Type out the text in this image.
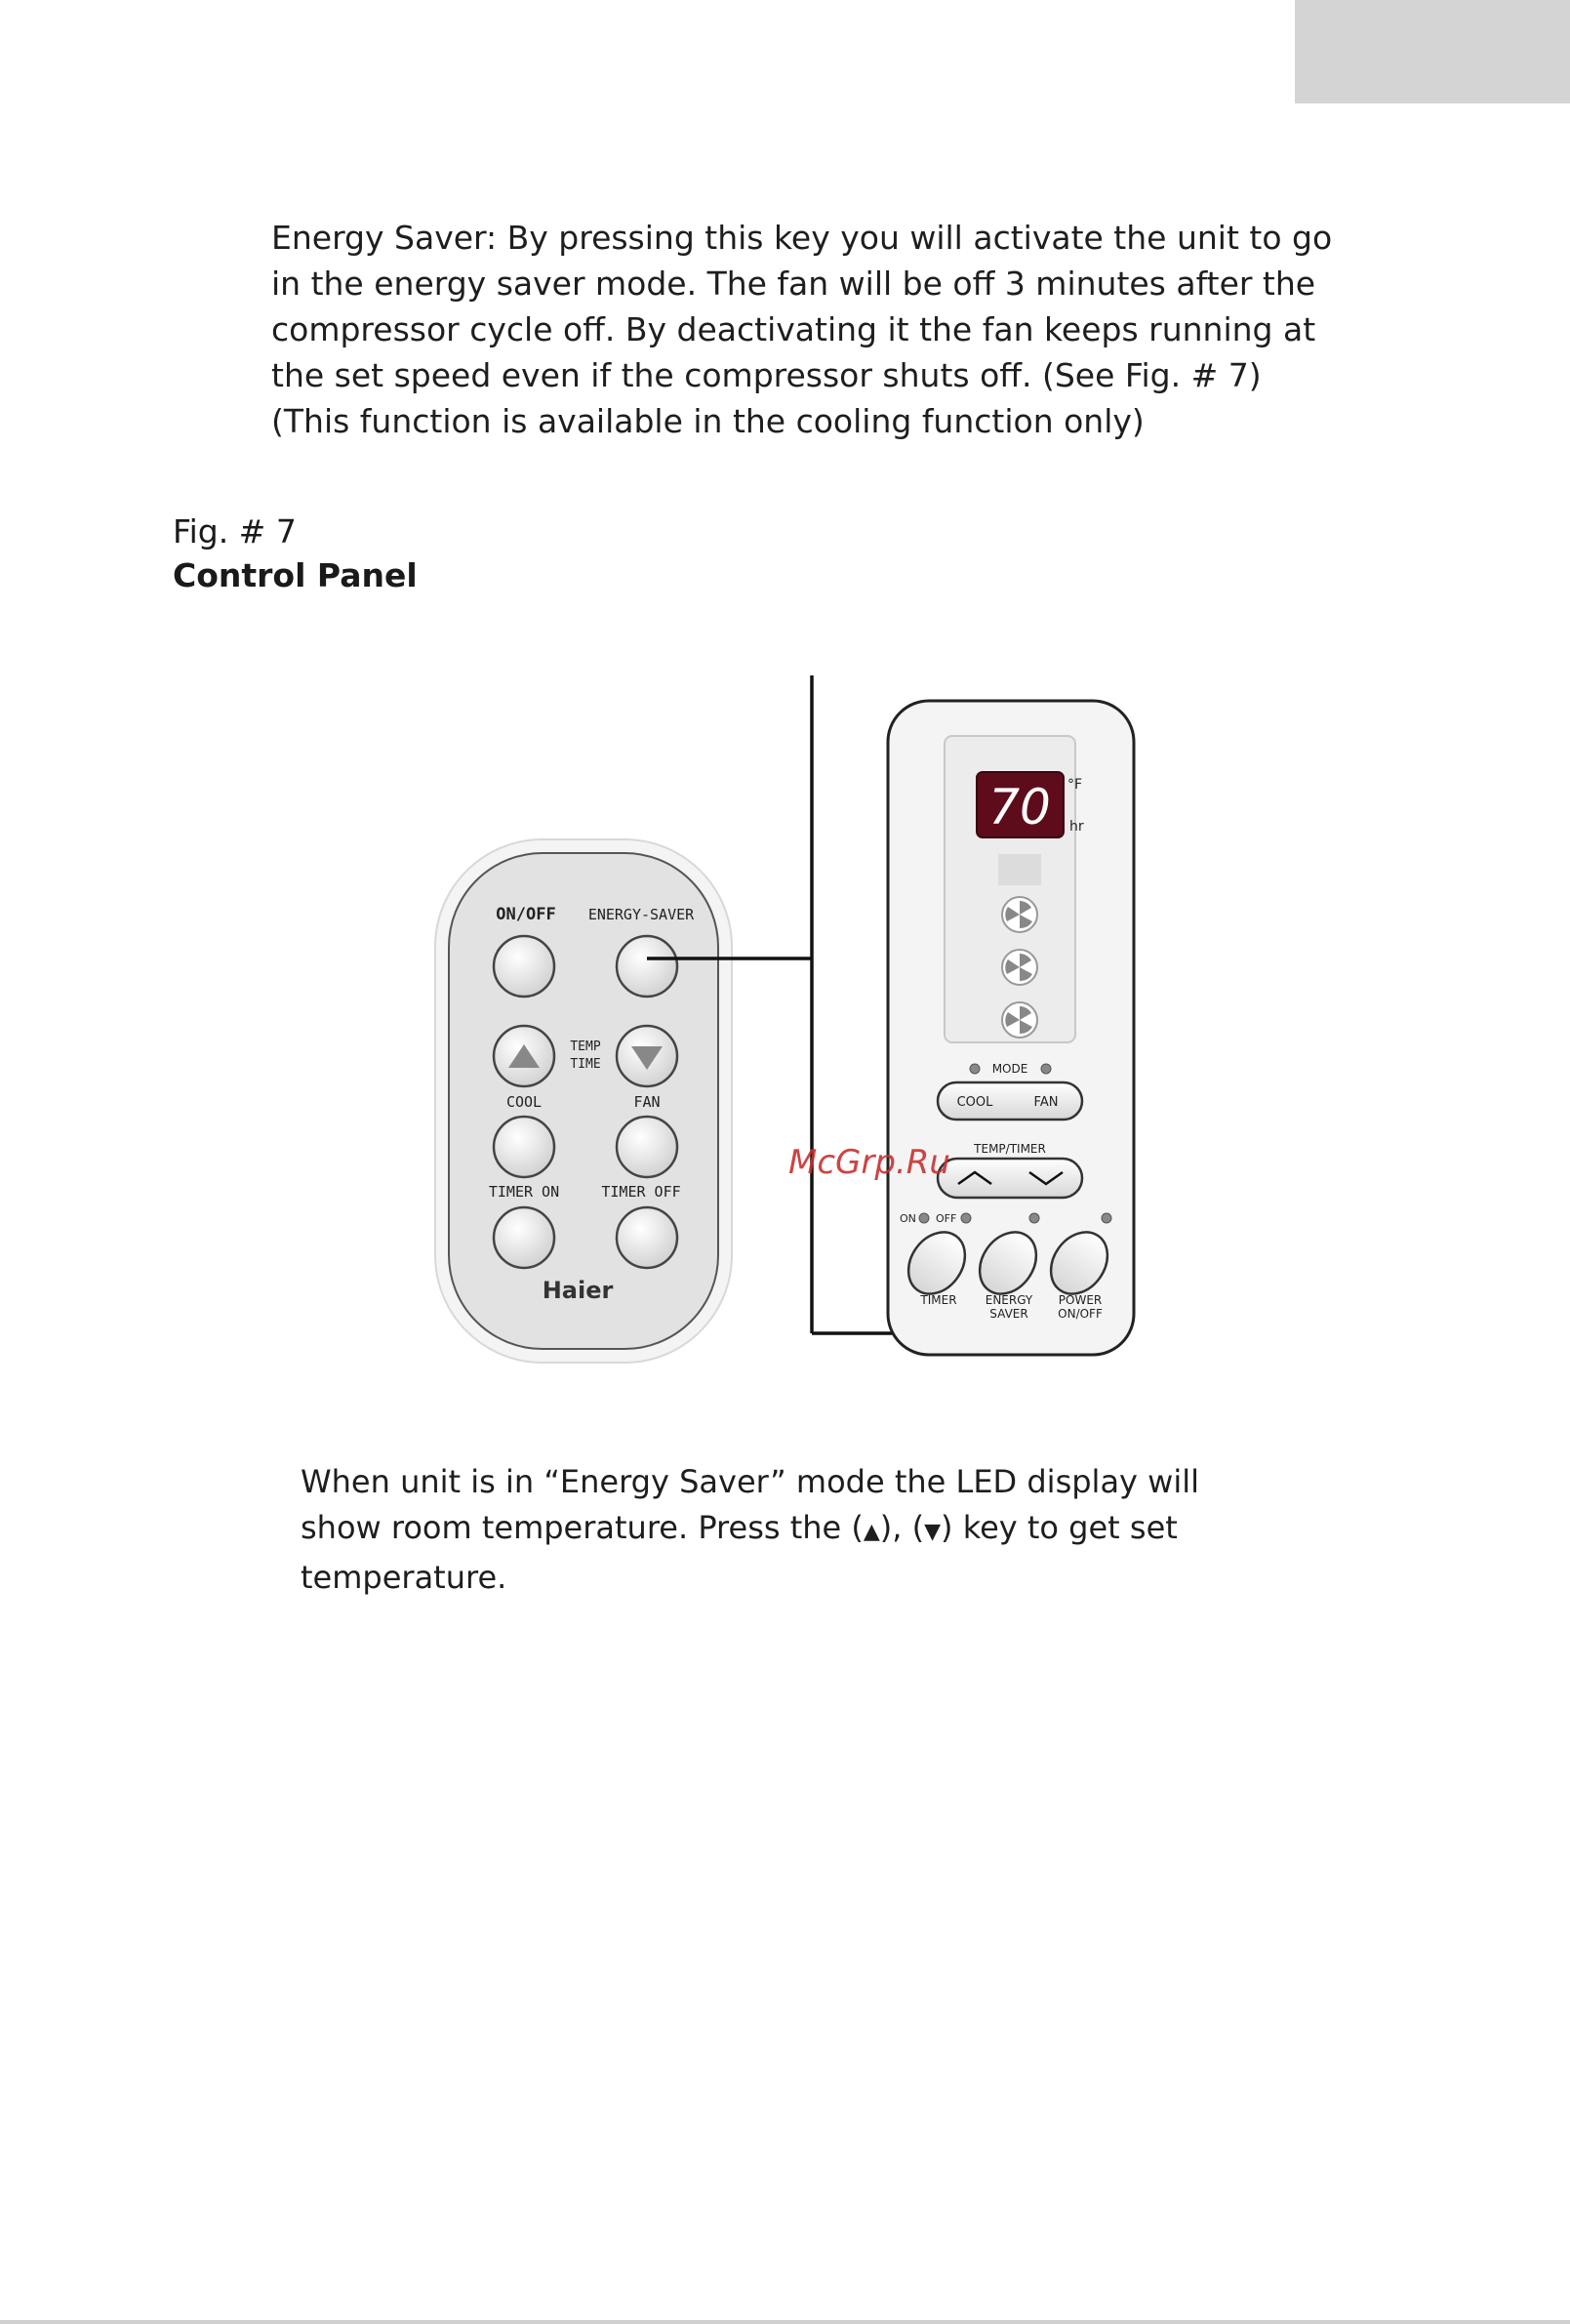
Energy Saver: By pressing this key you will activate the unit to go in the energy saver mode. The fan will be off 3 minutes after the compressor cycle off. By deactivating it the fan keeps running at the set speed even if the compressor shuts off. (See Fig. # 7) (This function is available in the cooling function only)

Fig. # 7
Control Panel
ON/OFF ENERGY-SAVER
TEMP
TIME
COOL	FAN
TIMER ON	TIMER OFF
Haier
70 °F
hr
MODE
COOL	FAN
TEMP/TIMER
ON OFF
TIMER ENERGY
SAVER
POWER
ON/OFF
McGrp.Ru

When unit is in “Energy Saver” mode the LED display will show room temperature. Press the (▲), (▼) key to get set temperature.
